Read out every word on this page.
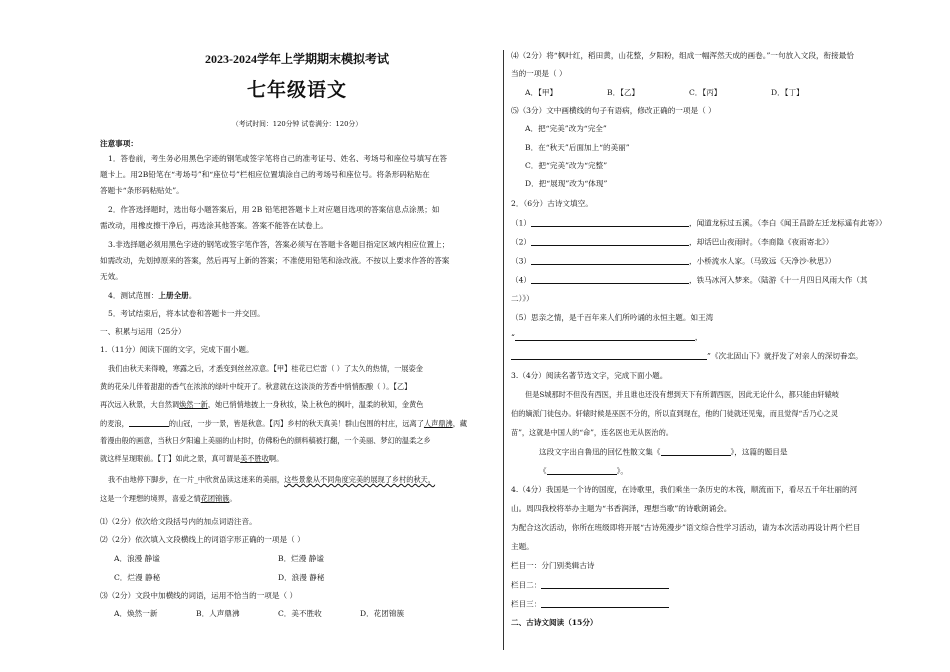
2023-2024学年上学期期末模拟考试
七年级语文
（考试时间：120分钟 试卷满分：120分）
注意事项：
1．答卷前，考生务必用黑色字迹的钢笔或签字笔将自己的准考证号、姓名、考场号和座位号填写在答
题卡上。用2B铅笔在“考场号”和“座位号”栏相应位置填涂自己的考场号和座位号。将条形码粘贴在
答题卡“条形码粘贴处”。
2．作答选择题时，选出每小题答案后，用 2B 铅笔把答题卡上对应题目选项的答案信息点涂黑；如
需改动，用橡皮擦干净后，再选涂其他答案。答案不能答在试卷上。
3.非选择题必须用黑色字迹的钢笔或签字笔作答，答案必须写在答题卡各题目指定区域内相应位置上；
如需改动，先划掉原来的答案，然后再写上新的答案；不准使用铅笔和涂改液。不按以上要求作答的答案
无效。
4．测试范围：上册全册。
5．考试结束后，将本试卷和答题卡一并交回。
一、积累与运用（25分）
1.（11分）阅读下面的文字，完成下面小题。
我们由秋天来得晚，寒露之后，才悉变到丝丝凉意。【甲】桂花已烂雷（ ）了太久的热情，一展姿金
黄的花朵儿伴着甜甜的香气在浓浓的绿叶中绽开了。秋意就在这淡淡的芳香中悄悄酝酿（ ）。【乙】
再次远入秋景，大自然调焕然一新，她已悄悄地披上一身秋妆，染上秋色的枫叶，温柔的秋知，金黄色
的麦浪，	的山冠，一步一景，皆是秋意。【丙】乡村的秋天真美！群山包围的村庄，远离了人声鼎沸，藏
着漫由般的画意，当秋日夕阳遍上美丽的山村时，仿佛粉色的颜料稿被打翻，一个美丽、梦幻的温柔之乡
就这样呈现眼前。【丁】如此之景，真可谓是美不胜收啊。
我不由地停下脚步，在一片_中欣赏品读这迷来的美丽，这些景象从不同角度完美的展现了乡村的秋天，
这是一个理想的境界，喜爱之情花团锦簇。
⑴（2分）依次给文段括号内的加点词语注音。
⑵（2分）依次填入文段横线上的词语字形正确的一项是（ ）
A．浪漫 静谧	B．烂漫 静谧
C．烂漫 静秘	D．浪漫 静秘
⑶（2分）文段中加横线的词语，运用不恰当的一项是（ ）
A．焕然一新	B．人声鼎沸	C．美不胜收	D．花团锦簇
⑷（2分）将“枫叶红，稻田黄，山花整，夕阳粉，组成一幅浑然天成的画卷。”一句放入文段，衔接最恰
当的一项是（ ）
A．【甲】	B．【乙】	C．【丙】	D．【丁】
⑸（3分）文中画横线的句子有语病，修改正确的一项是（ ）
A．把“完美”改为“完全”
B．在“秋天”后面加上“的美丽”
C．把“完美”改为“完整”
D．把“展现”改为“体现”
2．（6分）古诗文填空。
（1）	，闻道龙标过五溪。（李白《闻王昌龄左迁龙标遥有此寄》）
（2）	，却话巴山夜雨时。（李商隐《夜雨寄北》）
（3）	，小桥流水人家。（马致远《天净沙·秋思》）
（4）	，铁马冰河入梦来。（陆游《十一月四日风雨大作（其
二）》）
（5）思亲之情，是千百年来人们所吟诵的永恒主题。如王湾
“	，
”《次北固山下》就抒发了对亲人的深切眷恋。
3.（4分）阅读名著节选文字，完成下面小题。
但是S城那时不但没有西医，并且谁也还没有想到天下有所谓西医，因此无论什么，都只能由轩辕岐
伯的嫡派门徒包办。轩辕时候是巫医不分的，所以直到现在，他的门徒就还见鬼，而且觉得“舌乃心之灵
苗”，这就是中国人的“命”，连名医也无从医治的。
这段文字出自鲁迅的回忆性散文集《	》，这篇的题目是
《	》。
4.（4分）我国是一个诗的国度，在诗歌里，我们乘坐一条历史的木筏，顺流而下，看尽五千年壮丽的河
山。周四我校将举办主题为“书香润泽，理想当歌”的诗歌朗诵会。
为配合这次活动，你所在班级即将开展“古诗苑漫步”语文综合性学习活动，请为本次活动再设计两个栏目
主题。
栏目一：分门别类辑古诗
栏目二：
栏目三：
二、古诗文阅读（15分）
